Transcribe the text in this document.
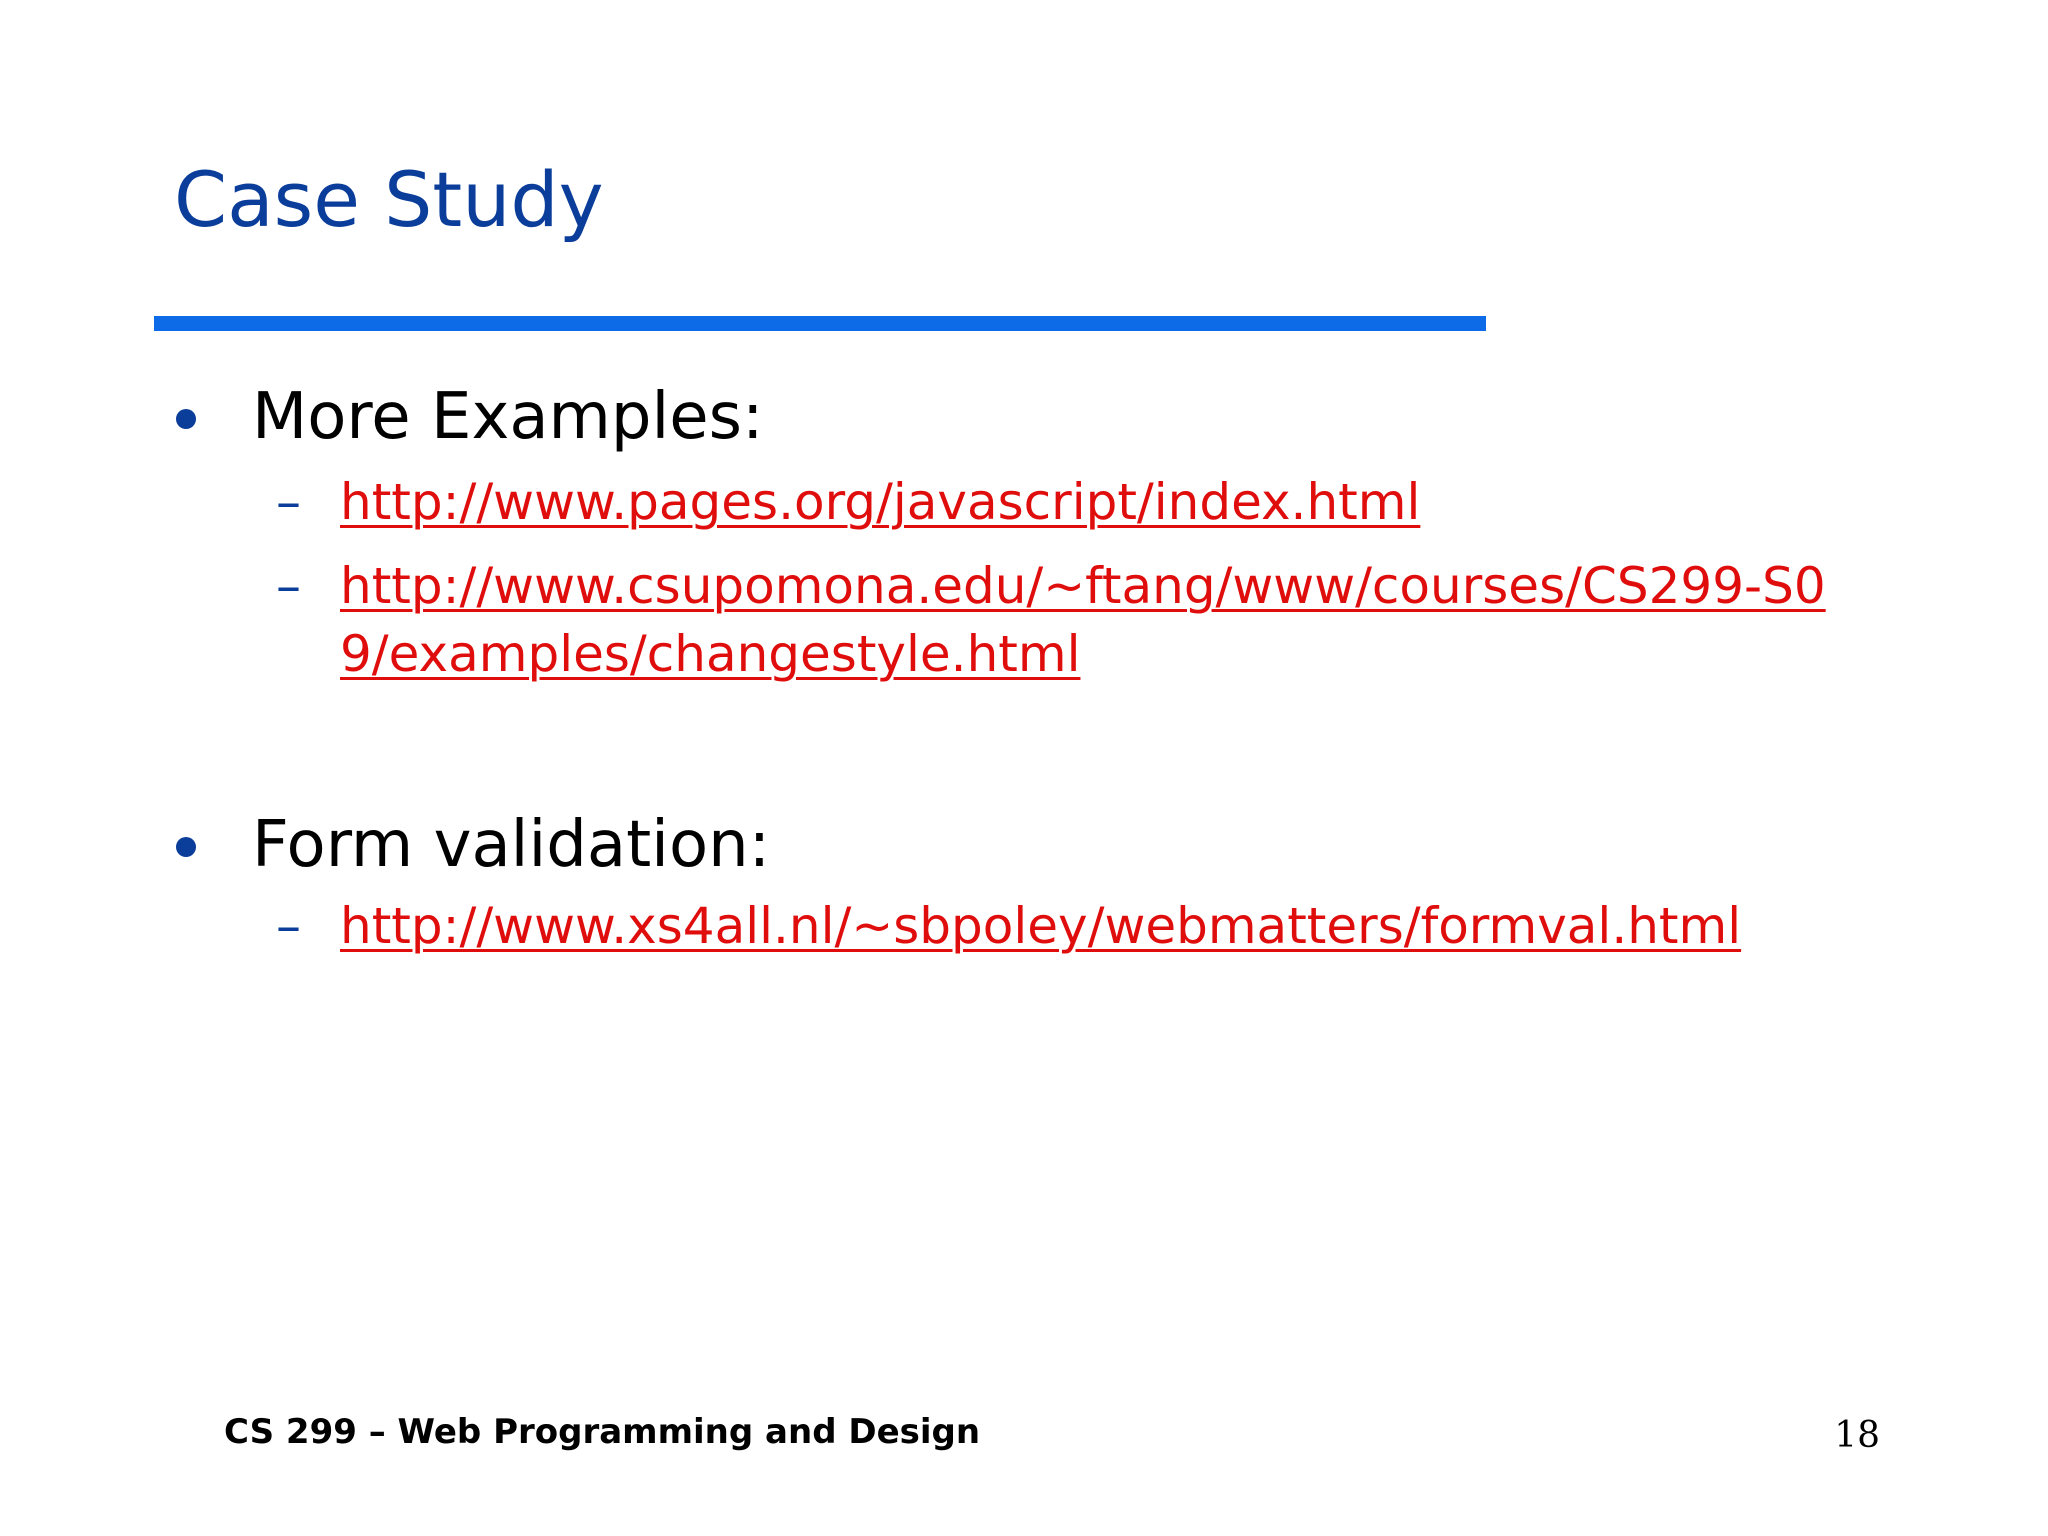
Case Study
More Examples:
– http://www.pages.org/javascript/index.html
– http://www.csupomona.edu/~ftang/www/courses/CS299-S09/examples/changestyle.html
Form validation:
– http://www.xs4all.nl/~sbpoley/webmatters/formval.html
CS 299 – Web Programming and Design	18
